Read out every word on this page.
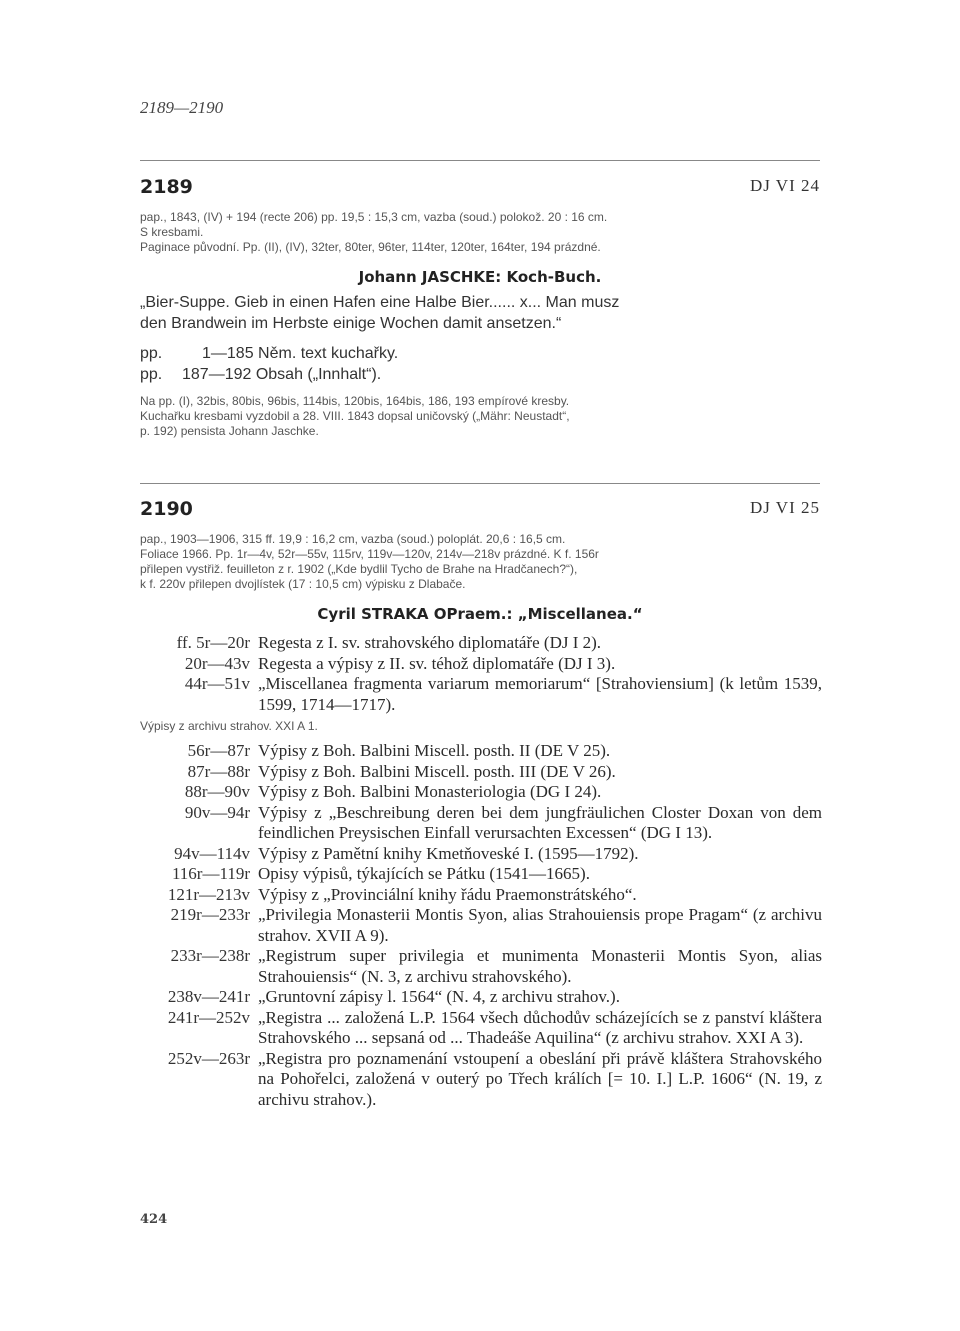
2189—2190
2189	DJ VI 24

pap., 1843, (IV) + 194 (recte 206) pp. 19,5 : 15,3 cm, vazba (soud.) polokož. 20 : 16 cm.

S kresbami.

Paginace původní. Pp. (II), (IV), 32ter, 80ter, 96ter, 114ter, 120ter, 164ter, 194 prázdné.

Johann JASCHKE: Koch-Buch.

„Bier-Suppe. Gieb in einen Hafen eine Halbe Bier...... x... Man musz

den Brandwein im Herbste einige Wochen damit ansetzen.“

pp.	1—185 Něm. text kuchařky.

pp.	187—192 Obsah („Innhalt“).

Na pp. (I), 32bis, 80bis, 96bis, 114bis, 120bis, 164bis, 186, 193 empírové kresby.

Kuchařku kresbami vyzdobil a 28. VIII. 1843 dopsal uničovský („Mähr: Neustadt“,

p. 192) pensista Johann Jaschke.

2190	DJ VI 25

pap., 1903—1906, 315 ff. 19,9 : 16,2 cm, vazba (soud.) poloplát. 20,6 : 16,5 cm.

Foliace 1966. Pp. 1r—4v, 52r—55v, 115rv, 119v—120v, 214v—218v prázdné. K f. 156r

přilepen vystřiž. feuilleton z r. 1902 („Kde bydlil Tycho de Brahe na Hradčanech?“),

k f. 220v přilepen dvojlístek (17 : 10,5 cm) výpisku z Dlabače.

Cyril STRAKA OPraem.: „Miscellanea.“
ff. 5r—20r Regesta z I. sv. strahovského diplomatáře (DJ I 2).
20r—43v Regesta a výpisy z II. sv. téhož diplomatáře (DJ I 3).
44r—51v „Miscellanea fragmenta variarum memoriarum“ [Strahoviensium] (k letům 1539, 1599, 1714—1717).
56r—87r Výpisy z Boh. Balbini Miscell. posth. II (DE V 25).
87r—88r Výpisy z Boh. Balbini Miscell. posth. III (DE V 26).
88r—90v Výpisy z Boh. Balbini Monasteriologia (DG I 24).
90v—94r Výpisy z „Beschreibung deren bei dem jungfräulichen Closter Doxan von dem feindlichen Preysischen Einfall verursachten Excessen“ (DG I 13).
94v—114v Výpisy z Pamětní knihy Kmetňoveské I. (1595—1792).
116r—119r Opisy výpisů, týkajících se Pátku (1541—1665).
121r—213v Výpisy z „Provinciální knihy řádu Praemonstrátského“.
219r—233r „Privilegia Monasterii Montis Syon, alias Strahouiensis prope Pragam“ (z archivu strahov. XVII A 9).
233r—238r „Registrum super privilegia et munimenta Monasterii Montis Syon, alias Strahouiensis“ (N. 3, z archivu strahovského).
238v—241r „Gruntovní zápisy l. 1564“ (N. 4, z archivu strahov.).
241r—252v „Registra ... založená L.P. 1564 všech důchodův scházejících se z panství kláštera Strahovského ... sepsaná od ... Thadeáše Aquilina“ (z archivu strahov. XXI A 3).
252v—263r „Registra pro poznamenání vstoupení a obeslání při právě kláštera Strahovského na Pohořelci, založená v outerý po Třech králích [= 10. I.] L.P. 1606“ (N. 19, z archivu strahov.).
Výpisy z archivu strahov. XXI A 1.
424
